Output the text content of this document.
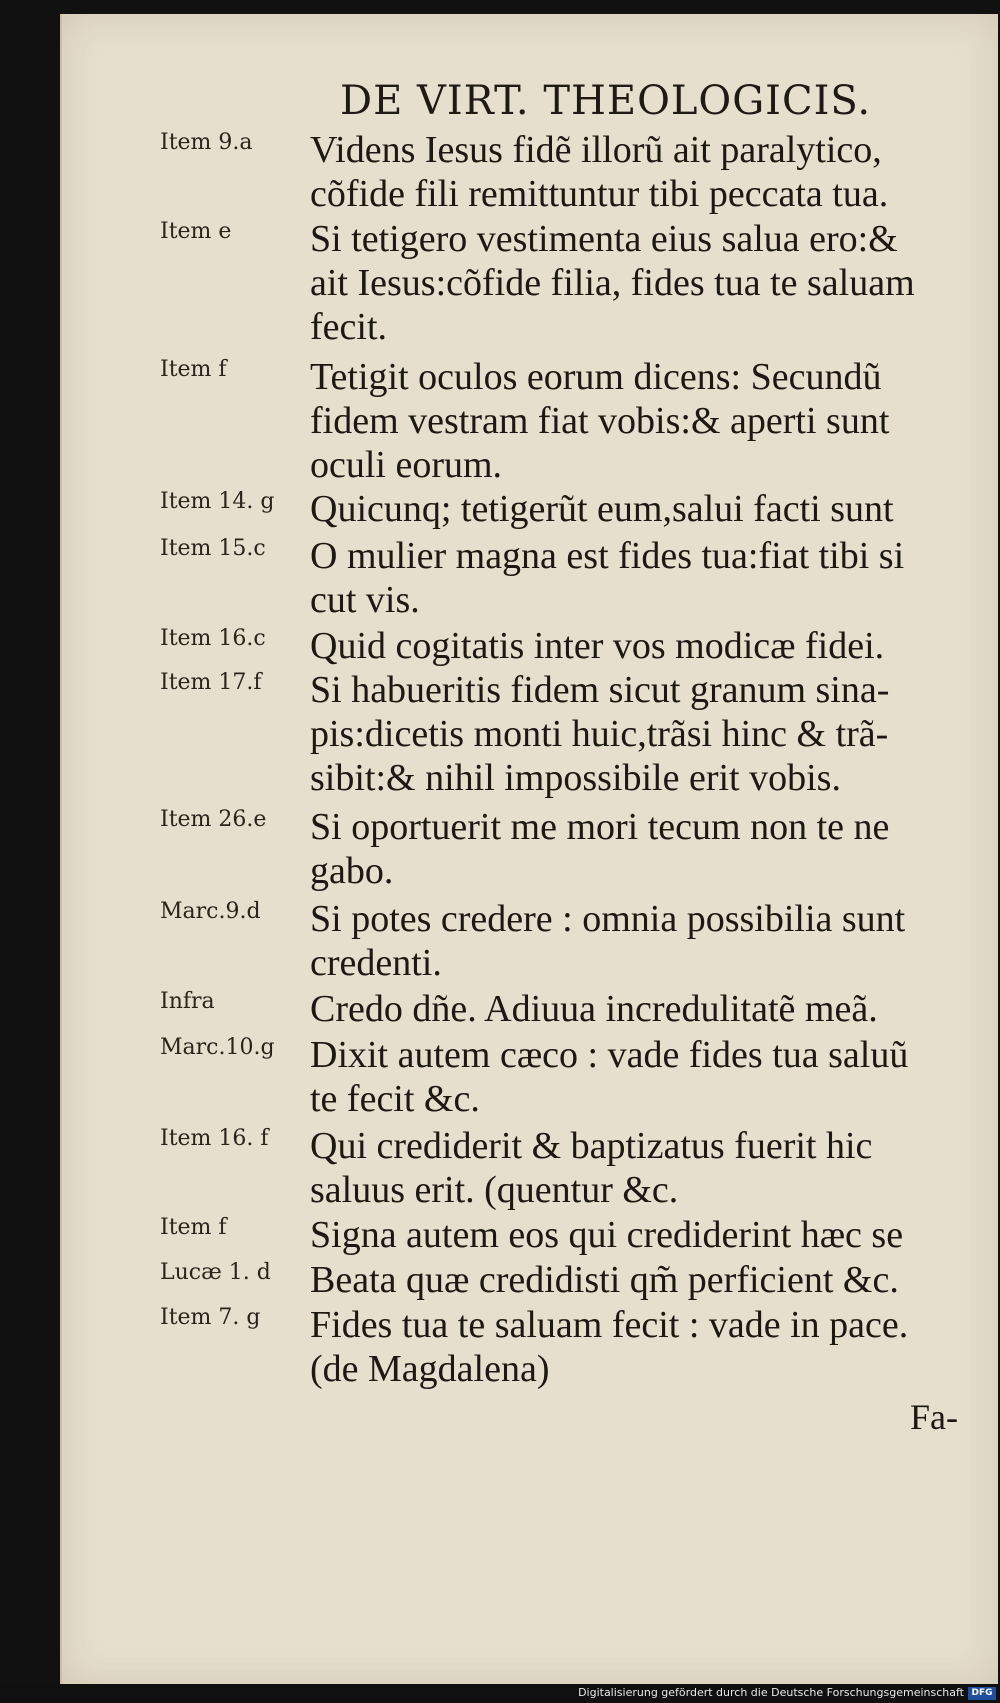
DE VIRT. THEOLOGICIS.
Item 9.a	Videns Iesus fidẽ illorũ ait paralytico,
cõfide fili remittuntur tibi peccata tua.
Item e	Si tetigero vestimenta eius salua ero:&
ait Iesus:cõfide filia, fides tua te saluam
fecit.
Item f	Tetigit oculos eorum dicens: Secundũ
fidem vestram fiat vobis:& aperti sunt
oculi eorum.
Item 14. g Quicunq; tetigerũt eum,salui facti sunt
Item 15.c	O mulier magna est fides tua:fiat tibi si
cut vis.
Item 16.c	Quid cogitatis inter vos modicæ fidei.
Item 17.f	Si habueritis fidem sicut granum sina-
pis:dicetis monti huic,trãsi hinc & trã-
sibit:& nihil impossibile erit vobis.
Item 26.e	Si oportuerit me mori tecum non te ne
gabo.
Marc.9.d	Si potes credere : omnia possibilia sunt
credenti.
Infra	Credo dñe. Adiuua incredulitatẽ meã.
Marc.10.g Dixit autem cæco : vade fides tua saluũ
te fecit &c.
Item 16. f	Qui crediderit & baptizatus fuerit hic
saluus erit. (quentur &c.
Item f	Signa autem eos qui crediderint hæc se
Lucæ 1. d	Beata quæ credidisti qm̃ perficient &c.
Item 7. g	Fides tua te saluam fecit : vade in pace.
(de Magdalena)
Fa-
Digitalisierung gefördert durch die Deutsche Forschungsgemeinschaft DFG
